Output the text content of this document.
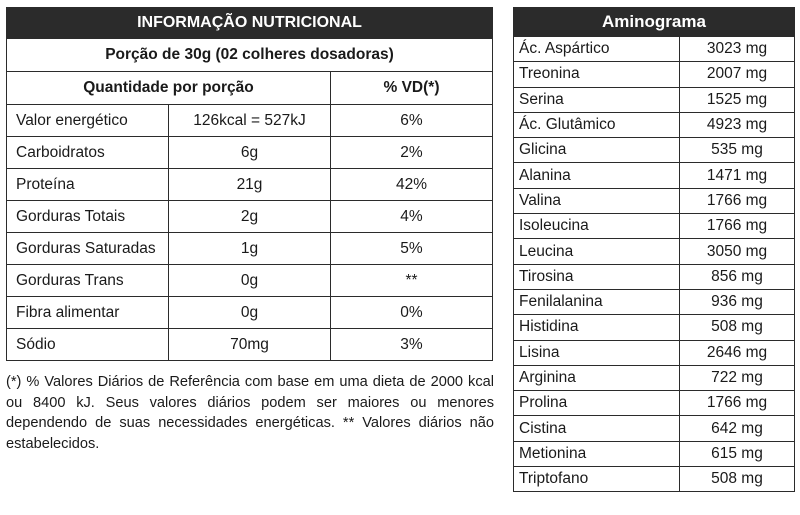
INFORMAÇÃO NUTRICIONAL
Porção de 30g (02 colheres dosadoras)		
Quantidade por porção		% VD(*)
Valor energético	126kcal = 527kJ	6%
Carboidratos	6g	2%
Proteína	21g	42%
Gorduras Totais	2g	4%
Gorduras Saturadas	1g	5%
Gorduras Trans	0g	**
Fibra alimentar	0g	0%
Sódio	70mg	3%
(*) % Valores Diários de Referência com base em uma dieta de 2000 kcal ou 8400 kJ. Seus valores diários podem ser maiores ou menores dependendo de suas necessidades energéticas. ** Valores diários não estabelecidos.
Aminograma
Ác. Aspártico	3023 mg
Treonina	2007 mg
Serina	1525 mg
Ác. Glutâmico	4923 mg
Glicina	535 mg
Alanina	1471 mg
Valina	1766 mg
Isoleucina	1766 mg
Leucina	3050 mg
Tirosina	856 mg
Fenilalanina	936 mg
Histidina	508 mg
Lisina	2646 mg
Arginina	722 mg
Prolina	1766 mg
Cistina	642 mg
Metionina	615 mg
Triptofano	508 mg
